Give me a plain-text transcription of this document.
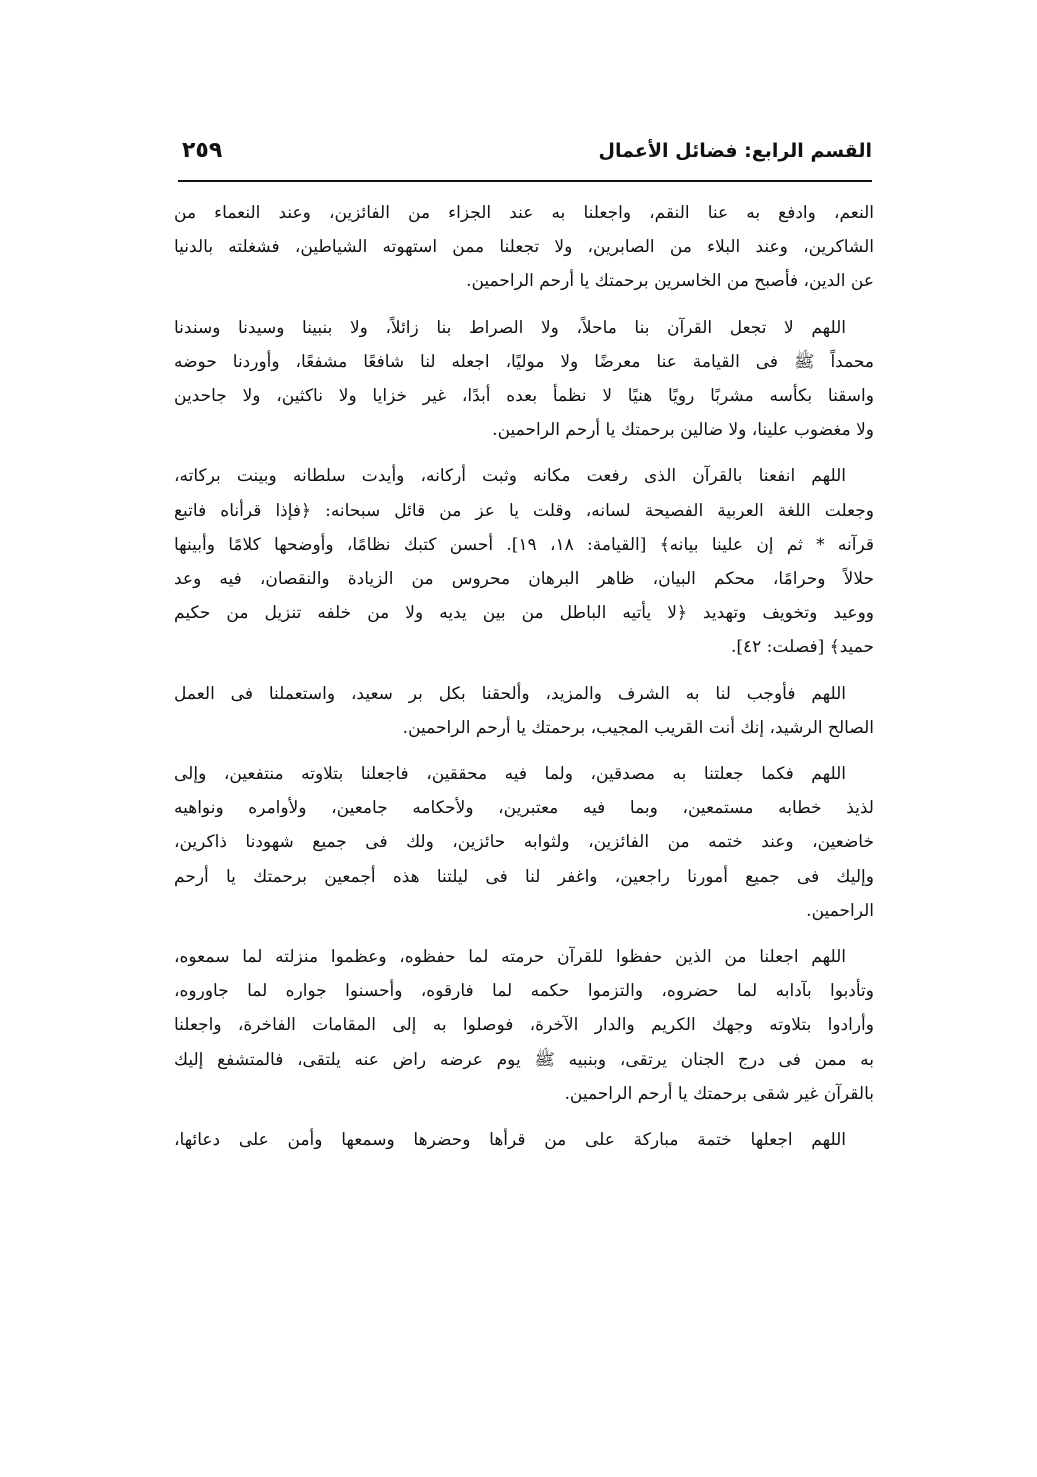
القسم الرابع: فضائل الأعمال
٢٥٩

النعم، وادفع به عنا النقم، واجعلنا به عند الجزاء من الفائزين، وعند النعماء من
الشاكرين، وعند البلاء من الصابرين، ولا تجعلنا ممن استهوته الشياطين، فشغلته بالدنيا
عن الدين، فأصبح من الخاسرين برحمتك يا أرحم الراحمين.

اللهم لا تجعل القرآن بنا ماحلاً، ولا الصراط بنا زائلاً، ولا بنبينا وسيدنا وسندنا
محمداً ﷺ فى القيامة عنا معرضًا ولا موليًا، اجعله لنا شافعًا مشفعًا، وأوردنا حوضه
واسقنا بكأسه مشربًا رويًا هنيًا لا نظمأ بعده أبدًا، غير خزايا ولا ناكثين، ولا جاحدين
ولا مغضوب علينا، ولا ضالين برحمتك يا أرحم الراحمين.

اللهم انفعنا بالقرآن الذى رفعت مكانه وثبت أركانه، وأيدت سلطانه وبينت بركاته،
وجعلت اللغة العربية الفصيحة لسانه، وقلت يا عز من قائل سبحانه: ﴿فإذا قرأناه فاتبع
قرآنه * ثم إن علينا بيانه﴾ [القيامة: ١٨، ١٩]. أحسن كتبك نظامًا، وأوضحها كلامًا وأبينها
حلالاً وحرامًا، محكم البيان، ظاهر البرهان محروس من الزيادة والنقصان، فيه وعد
ووعيد وتخويف وتهديد ﴿لا يأتيه الباطل من بين يديه ولا من خلفه تنزيل من حكيم
حميد﴾ [فصلت: ٤٢].

اللهم فأوجب لنا به الشرف والمزيد، وألحقنا بكل بر سعيد، واستعملنا فى العمل
الصالح الرشيد، إنك أنت القريب المجيب، برحمتك يا أرحم الراحمين.

اللهم فكما جعلتنا به مصدقين، ولما فيه محققين، فاجعلنا بتلاوته منتفعين، وإلى
لذيذ خطابه مستمعين، وبما فيه معتبرين، ولأحكامه جامعين، ولأوامره ونواهيه
خاضعين، وعند ختمه من الفائزين، ولثوابه حائزين، ولك فى جميع شهودنا ذاكرين،
وإليك فى جميع أمورنا راجعين، واغفر لنا فى ليلتنا هذه أجمعين برحمتك يا أرحم
الراحمين.

اللهم اجعلنا من الذين حفظوا للقرآن حرمته لما حفظوه، وعظموا منزلته لما سمعوه،
وتأدبوا بآدابه لما حضروه، والتزموا حكمه لما فارقوه، وأحسنوا جواره لما جاوروه،
وأرادوا بتلاوته وجهك الكريم والدار الآخرة، فوصلوا به إلى المقامات الفاخرة، واجعلنا
به ممن فى درج الجنان يرتقى، وبنبيه ﷺ يوم عرضه راض عنه يلتقى، فالمتشفع إليك
بالقرآن غير شقى برحمتك يا أرحم الراحمين.

اللهم اجعلها ختمة مباركة على من قرأها وحضرها وسمعها وأمن على دعائها،
